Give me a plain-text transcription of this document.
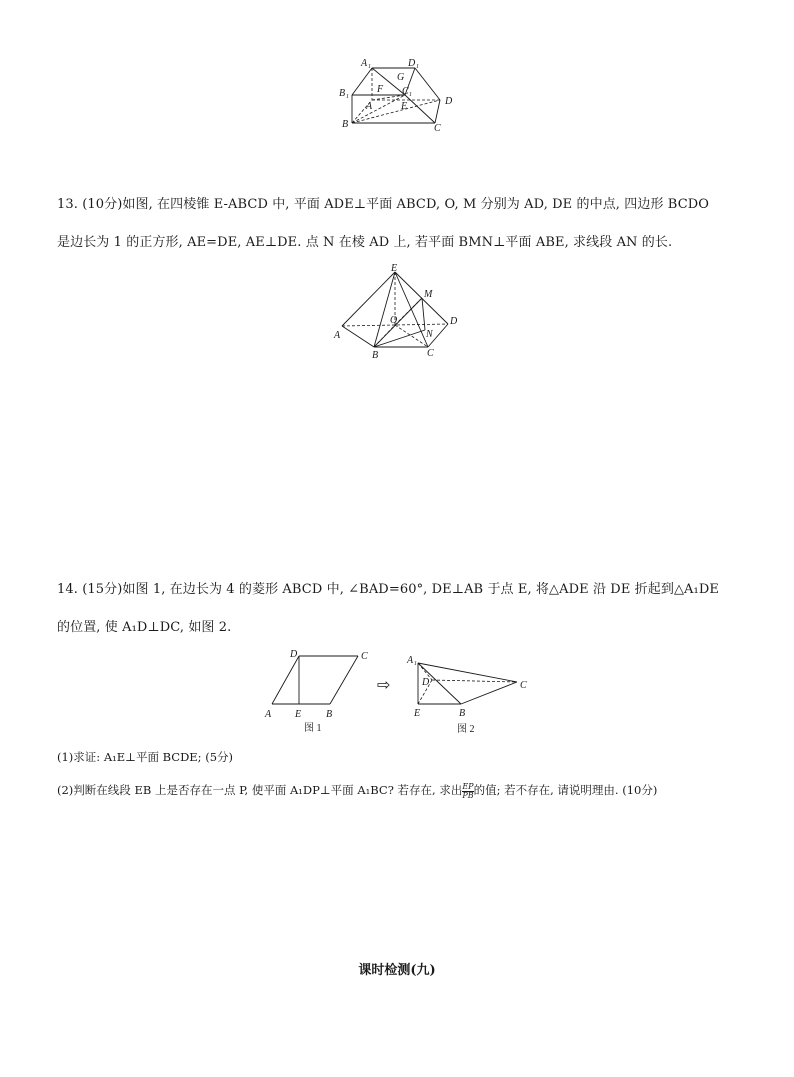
A 1	D 1
G
B 1
F C 1
A	E	D
B	C
13. (10分)如图, 在四棱锥 E-ABCD 中, 平面 ADE⊥平面 ABCD, O, M 分别为 AD, DE 的中点, 四边形 BCDO
是边长为 1 的正方形, AE=DE, AE⊥DE. 点 N 在棱 AD 上, 若平面 BMN⊥平面 ABE, 求线段 AN 的长.
E
M
O	D
A	N
B	C
14. (15分)如图 1, 在边长为 4 的菱形 ABCD 中, ∠BAD=60°, DE⊥AB 于点 E, 将△ADE 沿 DE 折起到△A₁DE
的位置, 使 A₁D⊥DC, 如图 2.
D	C
A E B
图 1
⇨
A 1
D	C
E	B
图 2
(1)求证: A₁E⊥平面 BCDE; (5分)
(2)判断在线段 EB 上是否存在一点 P, 使平面 A₁DP⊥平面 A₁BC? 若存在, 求出 $\frac{EP}{PB}$ 的值; 若不存在, 请说明理由. (10分)
课时检测(九)
